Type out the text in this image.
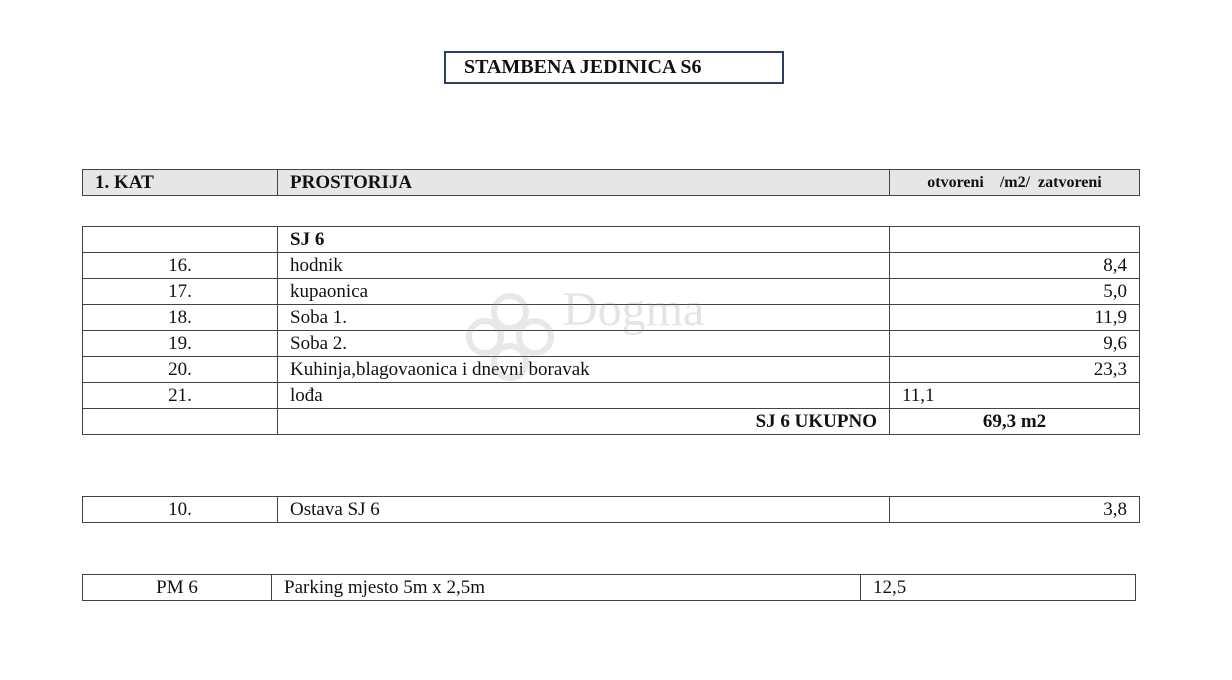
STAMBENA JEDINICA S6
1. KAT	PROSTORIJA	otvoreni    /m2/  zatvoreni
	SJ 6	
16.	hodnik	8,4
17.	kupaonica	5,0
18.	Soba 1.	11,9
19.	Soba 2.	9,6
20.	Kuhinja,blagovaonica i dnevni boravak	23,3
21.	lođa	11,1
	SJ 6 UKUPNO	69,3 m2
10.	Ostava SJ 6	3,8
PM 6	Parking mjesto 5m x 2,5m	12,5
Dogma
